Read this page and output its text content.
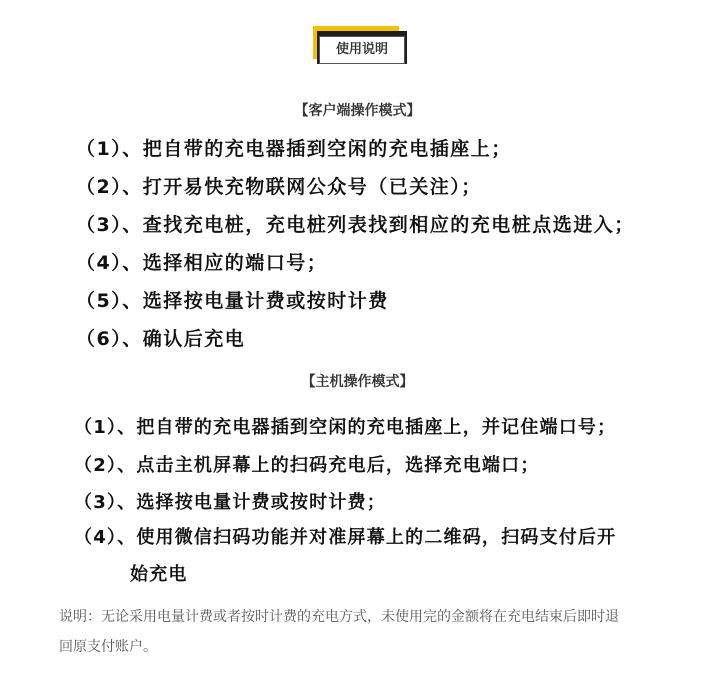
使用说明
【客户端操作模式】
（1）、把自带的充电器插到空闲的充电插座上；
（2）、打开易快充物联网公众号（已关注）；
（3）、查找充电桩，充电桩列表找到相应的充电桩点选进入；
（4）、选择相应的端口号；
（5）、选择按电量计费或按时计费
（6）、确认后充电
【主机操作模式】
（1）、把自带的充电器插到空闲的充电插座上，并记住端口号；
（2）、点击主机屏幕上的扫码充电后，选择充电端口；
（3）、选择按电量计费或按时计费；
（4）、使用微信扫码功能并对准屏幕上的二维码，扫码支付后开
始充电
说明：无论采用电量计费或者按时计费的充电方式，未使用完的金额将在充电结束后即时退
回原支付账户。
